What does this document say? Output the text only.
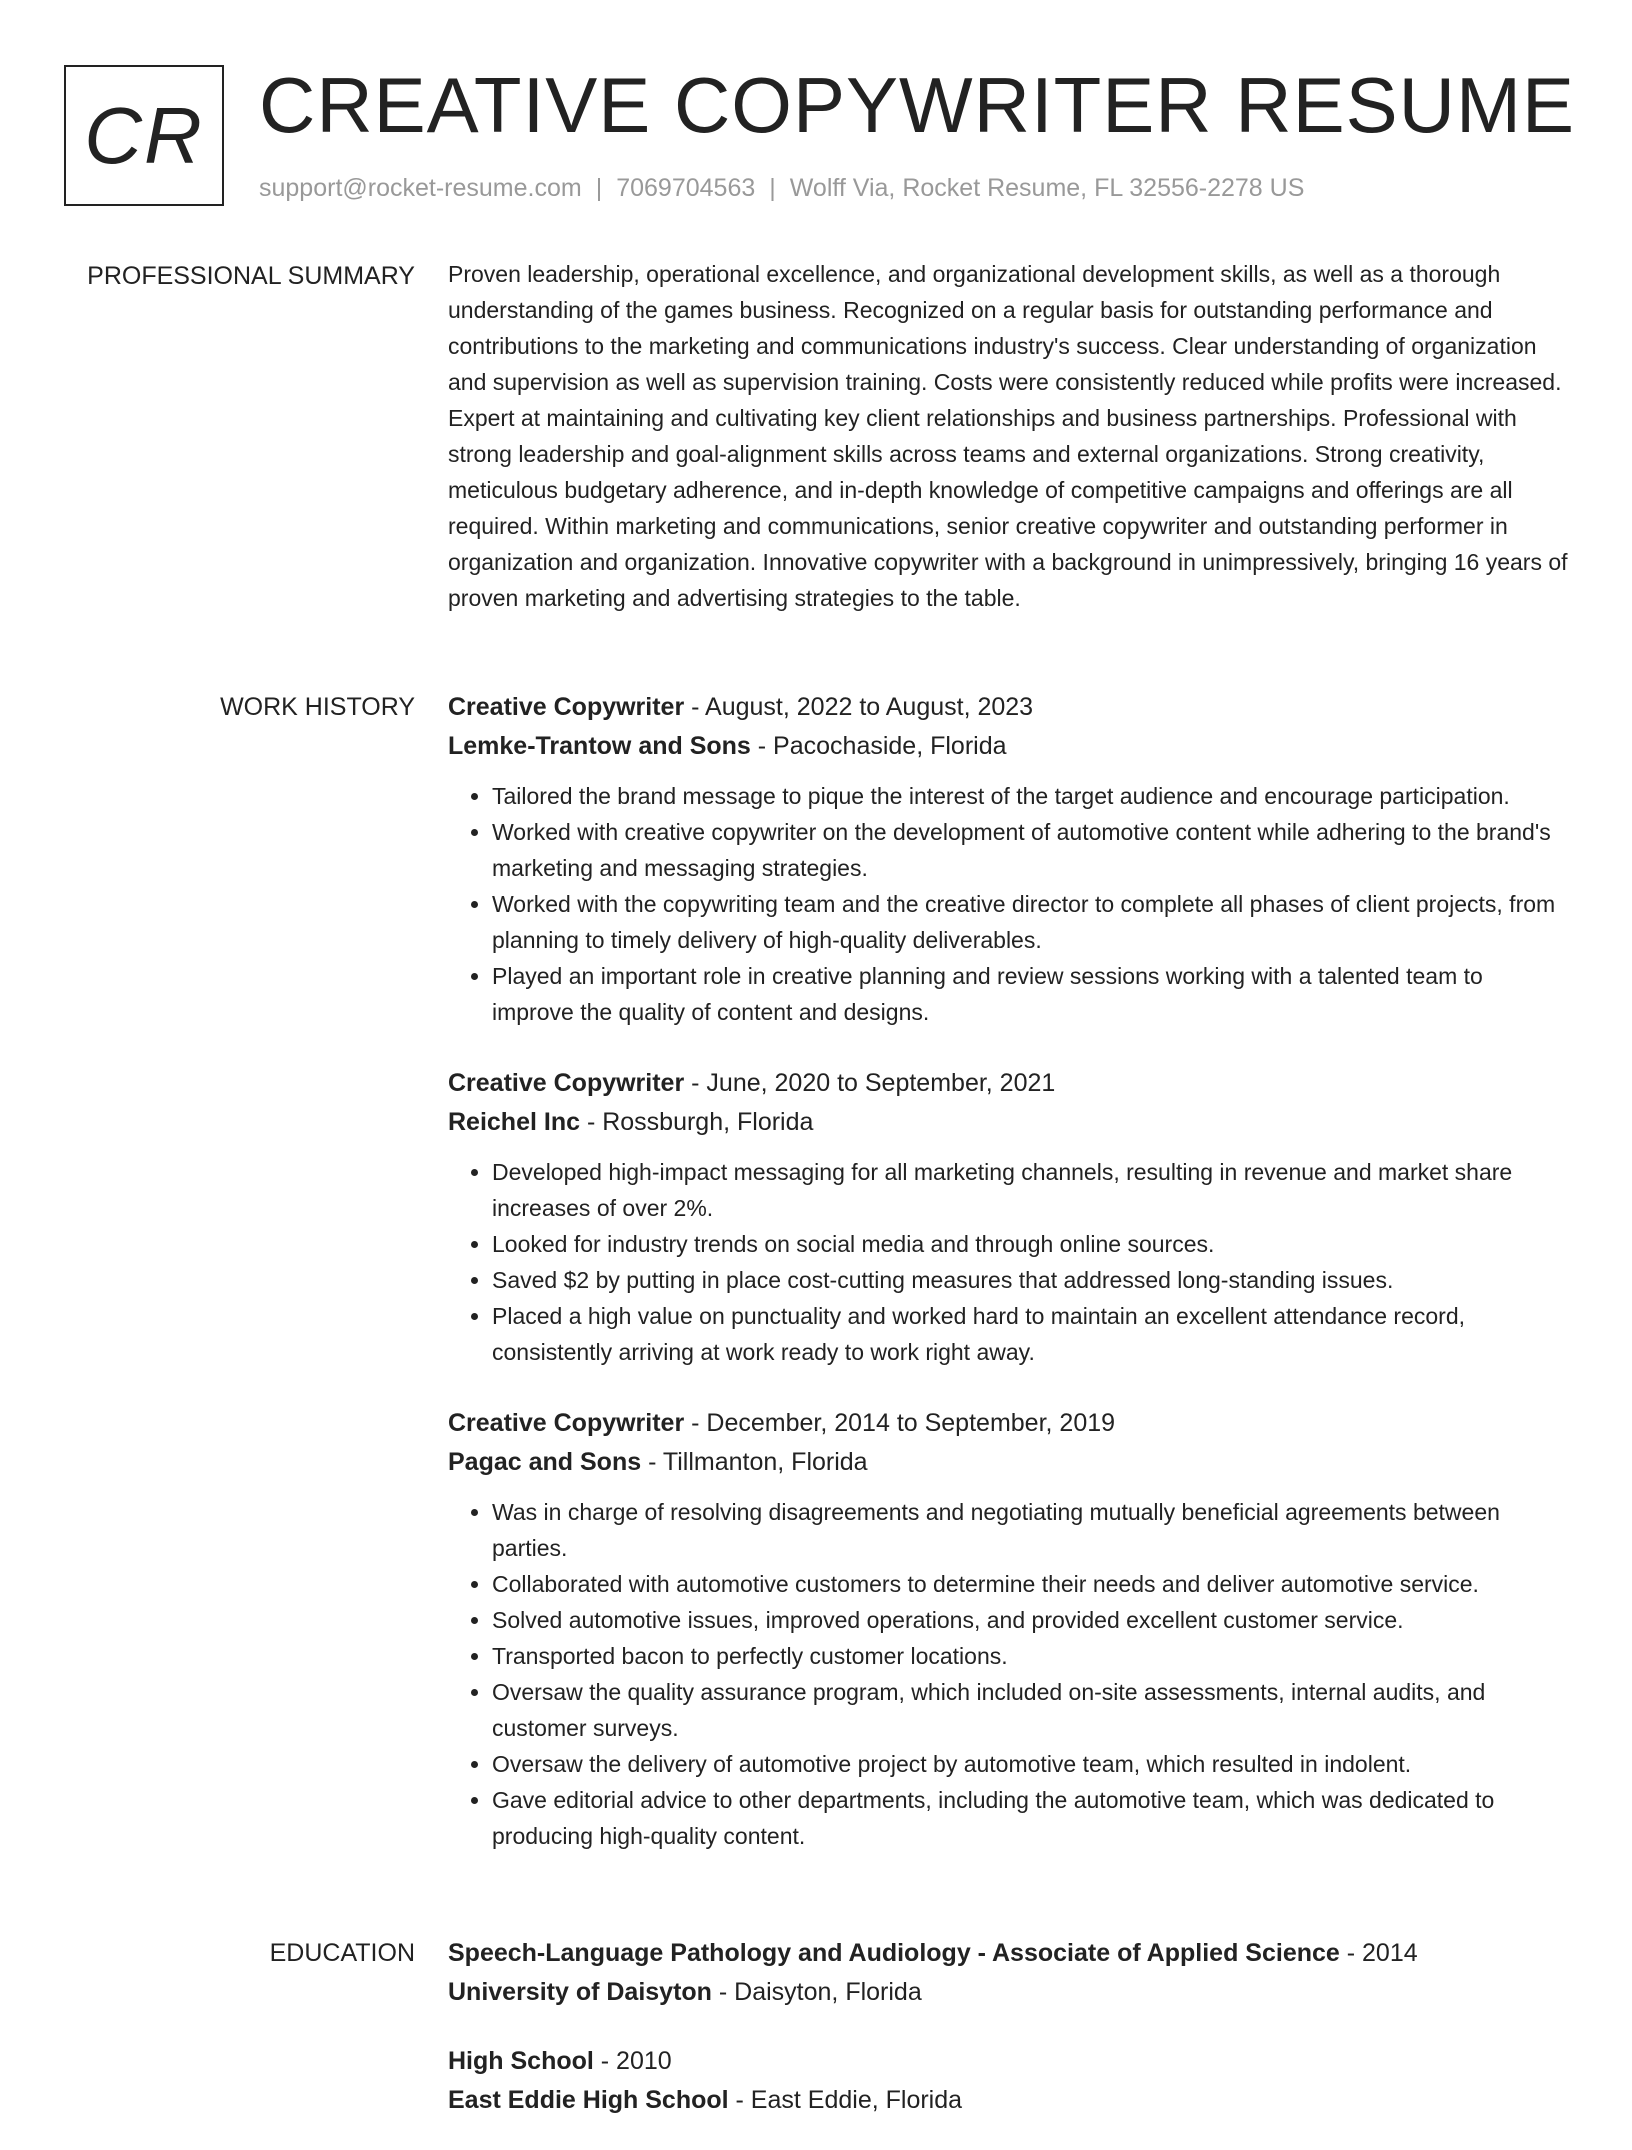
CR CREATIVE COPYWRITER RESUME
support@rocket-resume.com | 7069704563 | Wolff Via, Rocket Resume, FL 32556-2278 US
PROFESSIONAL SUMMARY Proven leadership, operational excellence, and organizational development skills, as well as a thorough understanding of the games business. Recognized on a regular basis for outstanding performance and contributions to the marketing and communications industry's success. Clear understanding of organization and supervision as well as supervision training. Costs were consistently reduced while profits were increased. Expert at maintaining and cultivating key client relationships and business partnerships. Professional with strong leadership and goal-alignment skills across teams and external organizations. Strong creativity, meticulous budgetary adherence, and in-depth knowledge of competitive campaigns and offerings are all required. Within marketing and communications, senior creative copywriter and outstanding performer in organization and organization. Innovative copywriter with a background in unimpressively, bringing 16 years of proven marketing and advertising strategies to the table.

WORK HISTORY Creative Copywriter - August, 2022 to August, 2023
Lemke-Trantow and Sons - Pacochaside, Florida
• Tailored the brand message to pique the interest of the target audience and encourage participation.
• Worked with creative copywriter on the development of automotive content while adhering to the brand's marketing and messaging strategies.
• Worked with the copywriting team and the creative director to complete all phases of client projects, from planning to timely delivery of high-quality deliverables.
• Played an important role in creative planning and review sessions working with a talented team to improve the quality of content and designs.
Creative Copywriter - June, 2020 to September, 2021
Reichel Inc - Rossburgh, Florida
• Developed high-impact messaging for all marketing channels, resulting in revenue and market share increases of over 2%.
• Looked for industry trends on social media and through online sources.
• Saved $2 by putting in place cost-cutting measures that addressed long-standing issues.
• Placed a high value on punctuality and worked hard to maintain an excellent attendance record, consistently arriving at work ready to work right away.
Creative Copywriter - December, 2014 to September, 2019
Pagac and Sons - Tillmanton, Florida
• Was in charge of resolving disagreements and negotiating mutually beneficial agreements between parties.
• Collaborated with automotive customers to determine their needs and deliver automotive service.
• Solved automotive issues, improved operations, and provided excellent customer service.
• Transported bacon to perfectly customer locations.
• Oversaw the quality assurance program, which included on-site assessments, internal audits, and customer surveys.
• Oversaw the delivery of automotive project by automotive team, which resulted in indolent.
• Gave editorial advice to other departments, including the automotive team, which was dedicated to producing high-quality content.
EDUCATION Speech-Language Pathology and Audiology - Associate of Applied Science - 2014
University of Daisyton - Daisyton, Florida
High School - 2010
East Eddie High School - East Eddie, Florida
